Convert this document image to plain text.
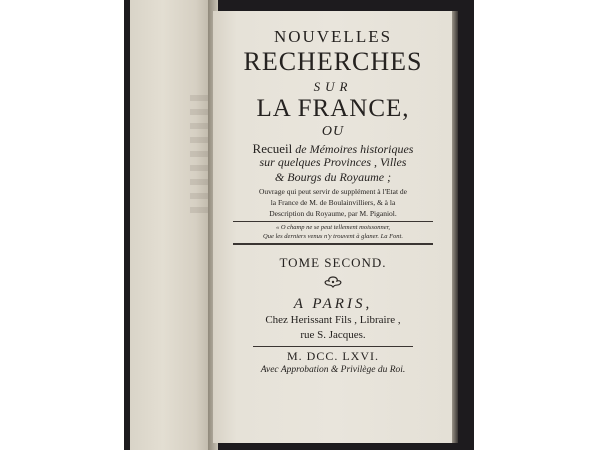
NOUVELLES
RECHERCHES
SUR
LA FRANCE,
OU
Recueil de Mémoires historiques
sur quelques Provinces , Villes
& Bourgs du Royaume ;
Ouvrage qui peut servir de supplément à l'Etat de
la France de M. de Boulainvilliers, & à la
Description du Royaume, par M. Piganiol.
« O champ ne se peut tellement moissonner,
Que les derniers venus n'y trouvent à glaner. La Font.
TOME SECOND.
A PARIS,
Chez Herissant Fils , Libraire ,
rue S. Jacques.
M. DCC. LXVI.
Avec Approbation & Privilège du Roi.
